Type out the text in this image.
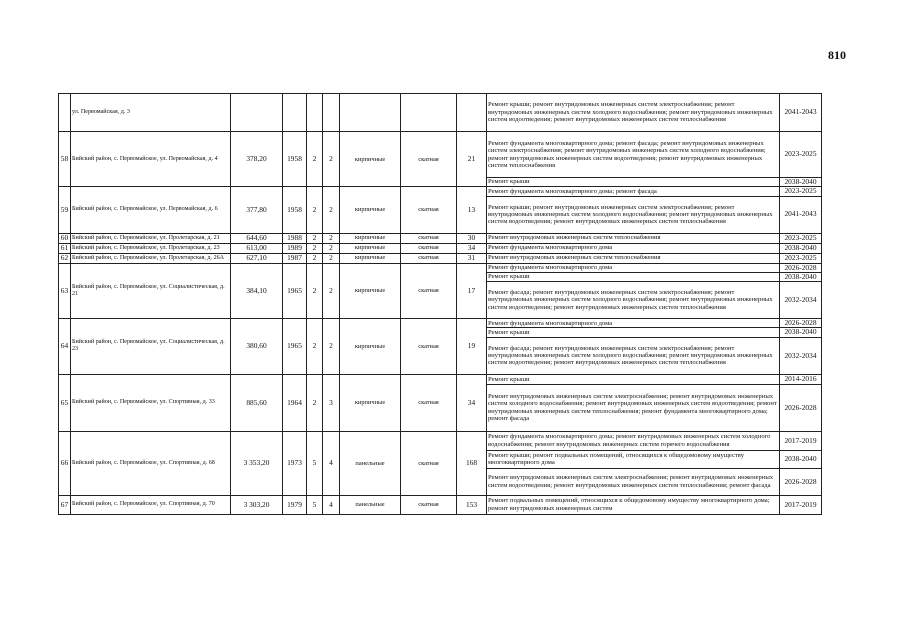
810
	ул. Первомайская, д. 3								Ремонт крыши; ремонт внутридомовых инженерных систем электроснабжения; ремонт внутридомовых инженерных систем холодного водоснабжения; ремонт внутридомовых инженерных систем водоотведения; ремонт внутридомовых инженерных систем теплоснабжения	2041-2043
58	Бийский район, с. Первомайское, ул. Первомайская, д. 4	378,20	1958	2	2	кирпичные	скатная	21	Ремонт фундамента многоквартирного дома; ремонт фасада; ремонт внутридомовых инженерных систем электроснабжения; ремонт внутридомовых инженерных систем холодного водоснабжения; ремонт внутридомовых инженерных систем водоотведения; ремонт внутридомовых инженерных систем теплоснабжения	2023-2025
									Ремонт крыши	2038-2040
59	Бийский район, с. Первомайское, ул. Первомайская, д. 6	377,80	1958	2	2	кирпичные	скатная	13	Ремонт фундамента многоквартирного дома; ремонт фасада	2023-2025
									Ремонт крыши; ремонт внутридомовых инженерных систем электроснабжения; ремонт внутридомовых инженерных систем холодного водоснабжения; ремонт внутридомовых инженерных систем водоотведения; ремонт внутридомовых инженерных систем теплоснабжения	2041-2043
60	Бийский район, с. Первомайское, ул. Пролетарская, д. 21	644,60	1988	2	2	кирпичные	скатная	30	Ремонт внутридомовых инженерных систем теплоснабжения	2023-2025
61	Бийский район, с. Первомайское, ул. Пролетарская, д. 23	613,00	1989	2	2	кирпичные	скатная	34	Ремонт фундамента многоквартирного дома	2038-2040
62	Бийский район, с. Первомайское, ул. Пролетарская, д. 26А	627,10	1987	2	2	кирпичные	скатная	31	Ремонт внутридомовых инженерных систем теплоснабжения	2023-2025
63	Бийский район, с. Первомайское, ул. Социалистическая, д. 21	384,10	1965	2	2	кирпичные	скатная	17	Ремонт фундамента многоквартирного дома	2026-2028
									Ремонт крыши	2038-2040
									Ремонт фасада; ремонт внутридомовых инженерных систем электроснабжения; ремонт внутридомовых инженерных систем холодного водоснабжения; ремонт внутридомовых инженерных систем водоотведения; ремонт внутридомовых инженерных систем теплоснабжения	2032-2034
64	Бийский район, с. Первомайское, ул. Социалистическая, д. 23	380,60	1965	2	2	кирпичные	скатная	19	Ремонт фундамента многоквартирного дома	2026-2028
									Ремонт крыши	2038-2040
									Ремонт фасада; ремонт внутридомовых инженерных систем электроснабжения; ремонт внутридомовых инженерных систем холодного водоснабжения; ремонт внутридомовых инженерных систем водоотведения; ремонт внутридомовых инженерных систем теплоснабжения	2032-2034
65	Бийский район, с. Первомайское, ул. Спортивная, д. 33	885,60	1964	2	3	кирпичные	скатная	34	Ремонт крыши	2014-2016
									Ремонт внутридомовых инженерных систем электроснабжения; ремонт внутридомовых инженерных систем холодного водоснабжения; ремонт внутридомовых инженерных систем водоотведения; ремонт внутридомовых инженерных систем теплоснабжения; ремонт фундамента многоквартирного дома; ремонт фасада	2026-2028
66	Бийский район, с. Первомайское, ул. Спортивная, д. 68	3 353,20	1973	5	4	панельные	скатная	168	Ремонт фундамента многоквартирного дома; ремонт внутридомовых инженерных систем холодного водоснабжения; ремонт внутридомовых инженерных систем горячего водоснабжения	2017-2019
									Ремонт крыши; ремонт подвальных помещений, относящихся к общедомовому имуществу многоквартирного дома	2038-2040
									Ремонт внутридомовых инженерных систем электроснабжения; ремонт внутридомовых инженерных систем водоотведения; ремонт внутридомовых инженерных систем теплоснабжения; ремонт фасада	2026-2028
67	Бийский район, с. Первомайское, ул. Спортивная, д. 70	3 303,20	1979	5	4	панельные	скатная	153	Ремонт подвальных помещений, относящихся к общедомовому имуществу многоквартирного дома; ремонт внутридомовых инженерных систем	2017-2019
